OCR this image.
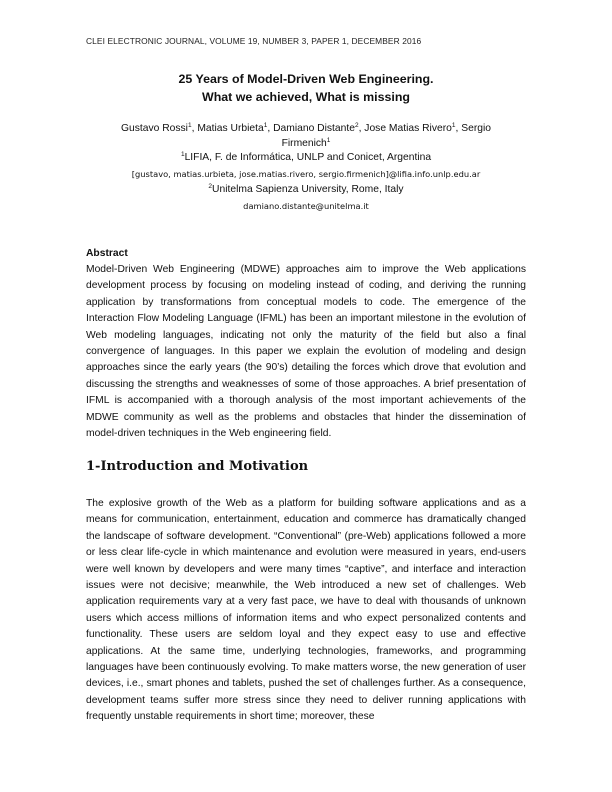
CLEI ELECTRONIC JOURNAL, VOLUME 19, NUMBER 3, PAPER 1, DECEMBER 2016
25 Years of Model-Driven Web Engineering.
What we achieved, What is missing
Gustavo Rossi$^1$, Matias Urbieta$^1$, Damiano Distante$^2$, Jose Matias Rivero$^1$, Sergio Firmenich$^1$
$^1$LIFIA, F. de Informática, UNLP and Conicet, Argentina
[gustavo, matias.urbieta, jose.matias.rivero, sergio.firmenich]@lifia.info.unlp.edu.ar
$^2$Unitelma Sapienza University, Rome, Italy
damiano.distante@unitelma.it
Abstract
Model-Driven Web Engineering (MDWE) approaches aim to improve the Web applications development process by focusing on modeling instead of coding, and deriving the running application by transformations from conceptual models to code. The emergence of the Interaction Flow Modeling Language (IFML) has been an important milestone in the evolution of Web modeling languages, indicating not only the maturity of the field but also a final convergence of languages. In this paper we explain the evolution of modeling and design approaches since the early years (the 90’s) detailing the forces which drove that evolution and discussing the strengths and weaknesses of some of those approaches. A brief presentation of IFML is accompanied with a thorough analysis of the most important achievements of the MDWE community as well as the problems and obstacles that hinder the dissemination of model-driven techniques in the Web engineering field.
1-Introduction and Motivation
The explosive growth of the Web as a platform for building software applications and as a means for communication, entertainment, education and commerce has dramatically changed the landscape of software development. “Conventional” (pre-Web) applications followed a more or less clear life-cycle in which maintenance and evolution were measured in years, end-users were well known by developers and were many times “captive”, and interface and interaction issues were not decisive; meanwhile, the Web introduced a new set of challenges. Web application requirements vary at a very fast pace, we have to deal with thousands of unknown users which access millions of information items and who expect personalized contents and functionality. These users are seldom loyal and they expect easy to use and effective applications. At the same time, underlying technologies, frameworks, and programming languages have been continuously evolving. To make matters worse, the new generation of user devices, i.e., smart phones and tablets, pushed the set of challenges further. As a consequence, development teams suffer more stress since they need to deliver running applications with frequently unstable requirements in short time; moreover, these
